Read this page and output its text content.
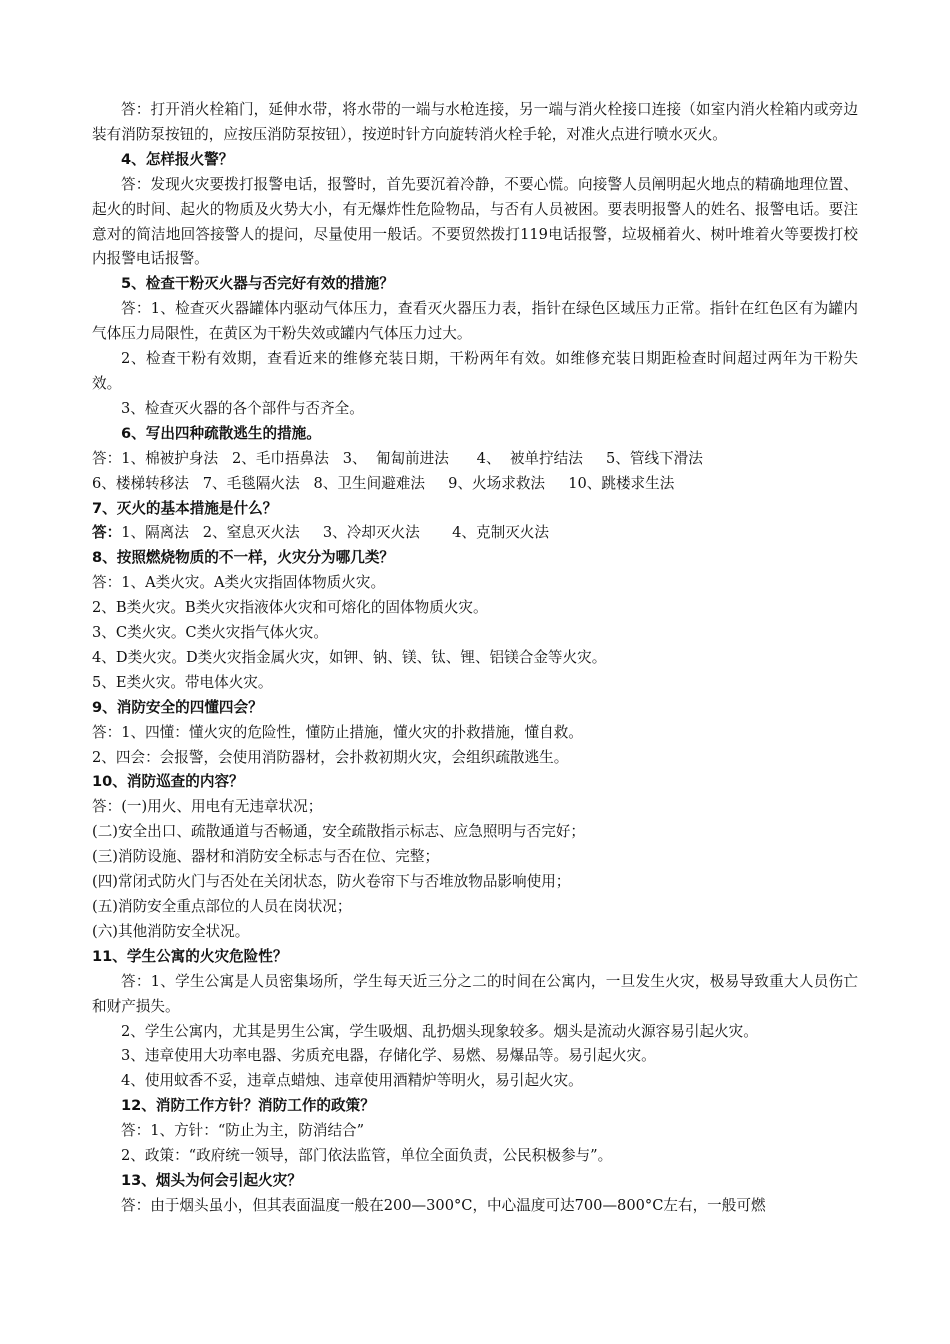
答：打开消火栓箱门，延伸水带，将水带的一端与水枪连接，另一端与消火栓接口连接（如室内消火栓箱内或旁边装有消防泵按钮的，应按压消防泵按钮），按逆时针方向旋转消火栓手轮，对准火点进行喷水灭火。
4、怎样报火警？
答：发现火灾要拨打报警电话，报警时，首先要沉着冷静，不要心慌。向接警人员阐明起火地点的精确地理位置、起火的时间、起火的物质及火势大小，有无爆炸性危险物品，与否有人员被困。要表明报警人的姓名、报警电话。要注意对的简洁地回答接警人的提问，尽量使用一般话。不要贸然拨打119电话报警，垃圾桶着火、树叶堆着火等要拨打校内报警电话报警。
5、检查干粉灭火器与否完好有效的措施？
答：1、检查灭火器罐体内驱动气体压力，查看灭火器压力表，指针在绿色区域压力正常。指针在红色区有为罐内气体压力局限性，在黄区为干粉失效或罐内气体压力过大。
2、检查干粉有效期，查看近来的维修充装日期，干粉两年有效。如维修充装日期距检查时间超过两年为干粉失效。
3、检查灭火器的各个部件与否齐全。
6、写出四种疏散逃生的措施。
答：1、棉被护身法   2、毛巾捂鼻法   3、  匍匐前进法      4、  被单拧结法     5、管线下滑法
6、楼梯转移法   7、毛毯隔火法   8、卫生间避难法     9、火场求救法     10、跳楼求生法
7、灭火的基本措施是什么？
答：1、隔离法   2、窒息灭火法     3、冷却灭火法       4、克制灭火法
8、按照燃烧物质的不一样，火灾分为哪几类？
答：1、A类火灾。A类火灾指固体物质火灾。
2、B类火灾。B类火灾指液体火灾和可熔化的固体物质火灾。
3、C类火灾。C类火灾指气体火灾。
4、D类火灾。D类火灾指金属火灾，如钾、钠、镁、钛、锂、铝镁合金等火灾。
5、E类火灾。带电体火灾。
9、消防安全的四懂四会？
答：1、四懂：懂火灾的危险性，懂防止措施，懂火灾的扑救措施，懂自救。
2、四会：会报警，会使用消防器材，会扑救初期火灾，会组织疏散逃生。
10、消防巡查的内容？
答：(一)用火、用电有无违章状况；
(二)安全出口、疏散通道与否畅通，安全疏散指示标志、应急照明与否完好；
(三)消防设施、器材和消防安全标志与否在位、完整；
(四)常闭式防火门与否处在关闭状态，防火卷帘下与否堆放物品影响使用；
(五)消防安全重点部位的人员在岗状况；
(六)其他消防安全状况。
11、学生公寓的火灾危险性？
答：1、学生公寓是人员密集场所，学生每天近三分之二的时间在公寓内，一旦发生火灾，极易导致重大人员伤亡和财产损失。
2、学生公寓内，尤其是男生公寓，学生吸烟、乱扔烟头现象较多。烟头是流动火源容易引起火灾。
3、违章使用大功率电器、劣质充电器，存储化学、易燃、易爆品等。易引起火灾。
4、使用蚊香不妥，违章点蜡烛、违章使用酒精炉等明火，易引起火灾。
12、消防工作方针？消防工作的政策？
答：1、方针：“防止为主，防消结合”
2、政策：“政府统一领导，部门依法监管，单位全面负责，公民积极参与”。
13、烟头为何会引起火灾？
答：由于烟头虽小，但其表面温度一般在200—300°C，中心温度可达700—800°C左右，一般可燃
